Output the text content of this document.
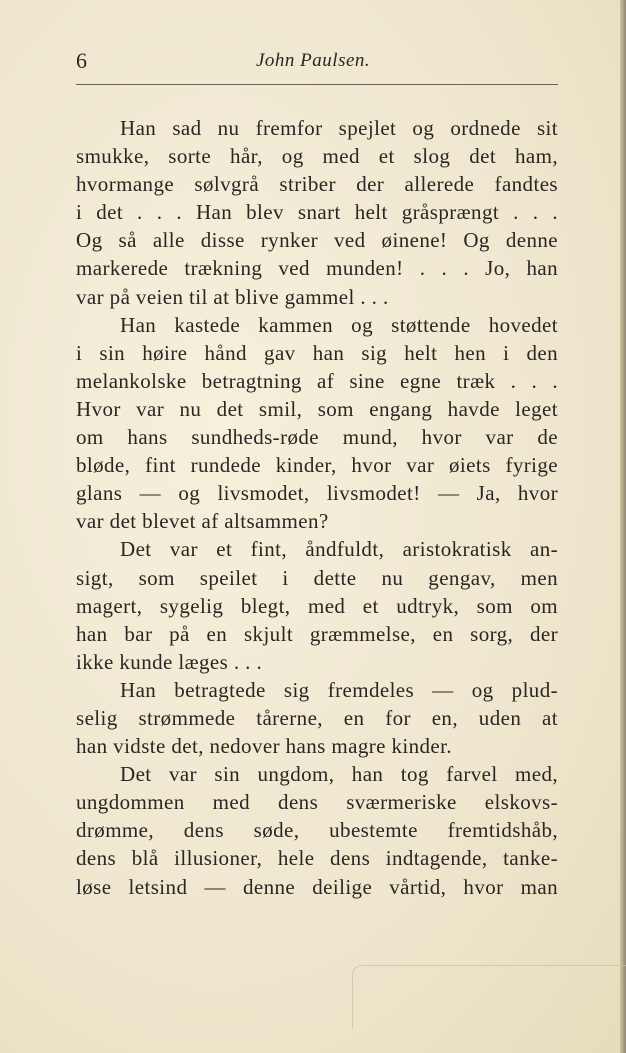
6	John Paulsen.
Han sad nu fremfor spejlet og ordnede sit
smukke, sorte hår, og med et slog det ham,
hvormange sølvgrå striber der allerede fandtes
i det . . . Han blev snart helt gråsprængt . . .
Og så alle disse rynker ved øinene! Og denne
markerede trækning ved munden! . . . Jo, han
var på veien til at blive gammel . . .
Han kastede kammen og støttende hovedet
i sin høire hånd gav han sig helt hen i den
melankolske betragtning af sine egne træk . . .
Hvor var nu det smil, som engang havde leget
om hans sundheds-røde mund, hvor var de
bløde, fint rundede kinder, hvor var øiets fyrige
glans — og livsmodet, livsmodet! — Ja, hvor
var det blevet af altsammen?
Det var et fint, åndfuldt, aristokratisk an-
sigt, som speilet i dette nu gengav, men
magert, sygelig blegt, med et udtryk, som om
han bar på en skjult græmmelse, en sorg, der
ikke kunde læges . . .
Han betragtede sig fremdeles — og plud-
selig strømmede tårerne, en for en, uden at
han vidste det, nedover hans magre kinder.
Det var sin ungdom, han tog farvel med,
ungdommen med dens sværmeriske elskovs-
drømme, dens søde, ubestemte fremtidshåb,
dens blå illusioner, hele dens indtagende, tanke-
løse letsind — denne deilige vårtid, hvor man
